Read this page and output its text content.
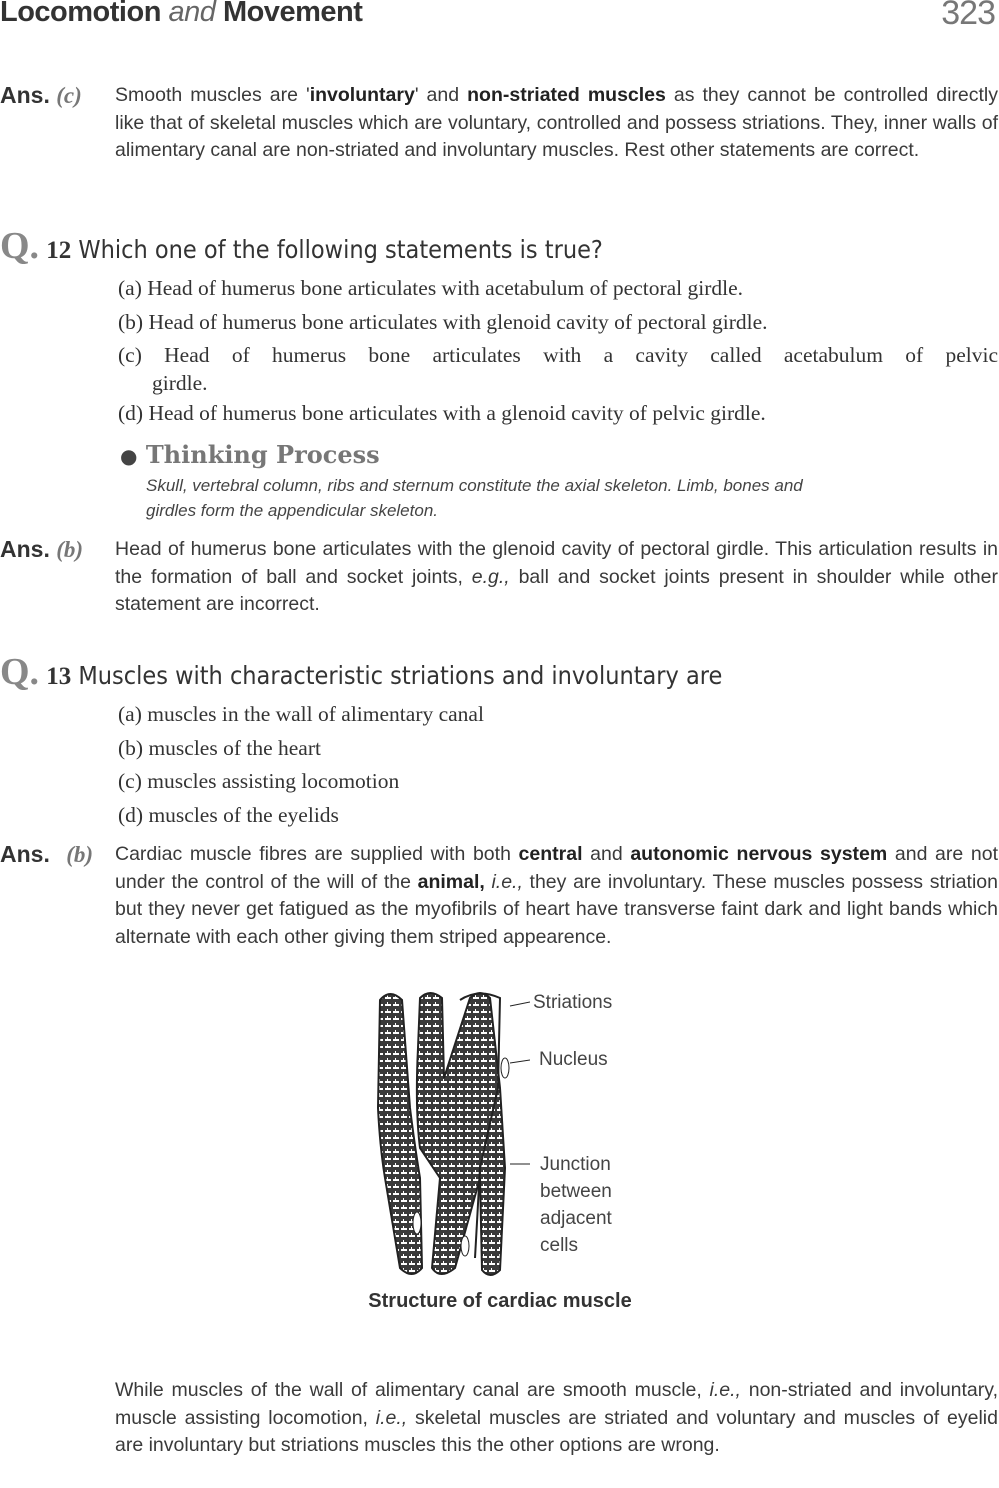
Locomotion and Movement	323
Ans. (c) Smooth muscles are 'involuntary' and non-striated muscles as they cannot be controlled directly like that of skeletal muscles which are voluntary, controlled and possess striations. They, inner walls of alimentary canal are non-striated and involuntary muscles. Rest other statements are correct.
Q. 12 Which one of the following statements is true?
(a) Head of humerus bone articulates with acetabulum of pectoral girdle.
(b) Head of humerus bone articulates with glenoid cavity of pectoral girdle.
(c) Head of humerus bone articulates with a cavity called acetabulum of pelvic
girdle.
(d) Head of humerus bone articulates with a glenoid cavity of pelvic girdle.
● Thinking Process
Skull, vertebral column, ribs and sternum constitute the axial skeleton. Limb, bones and
girdles form the appendicular skeleton.
Ans. (b) Head of humerus bone articulates with the glenoid cavity of pectoral girdle. This articulation results in the formation of ball and socket joints, e.g., ball and socket joints present in shoulder while other statement are incorrect.
Q. 13 Muscles with characteristic striations and involuntary are
(a) muscles in the wall of alimentary canal
(b) muscles of the heart
(c) muscles assisting locomotion
(d) muscles of the eyelids
Ans. (b) Cardiac muscle fibres are supplied with both central and autonomic nervous system and are not under the control of the will of the animal, i.e., they are involuntary. These muscles possess striation but they never get fatigued as the myofibrils of heart have transverse faint dark and light bands which alternate with each other giving them striped appearence.
Striations
Nucleus
Junction
between
adjacent
cells
Structure of cardiac muscle
While muscles of the wall of alimentary canal are smooth muscle, i.e., non-striated and involuntary, muscle assisting locomotion, i.e., skeletal muscles are striated and voluntary and muscles of eyelid are involuntary but striations muscles this the other options are wrong.
